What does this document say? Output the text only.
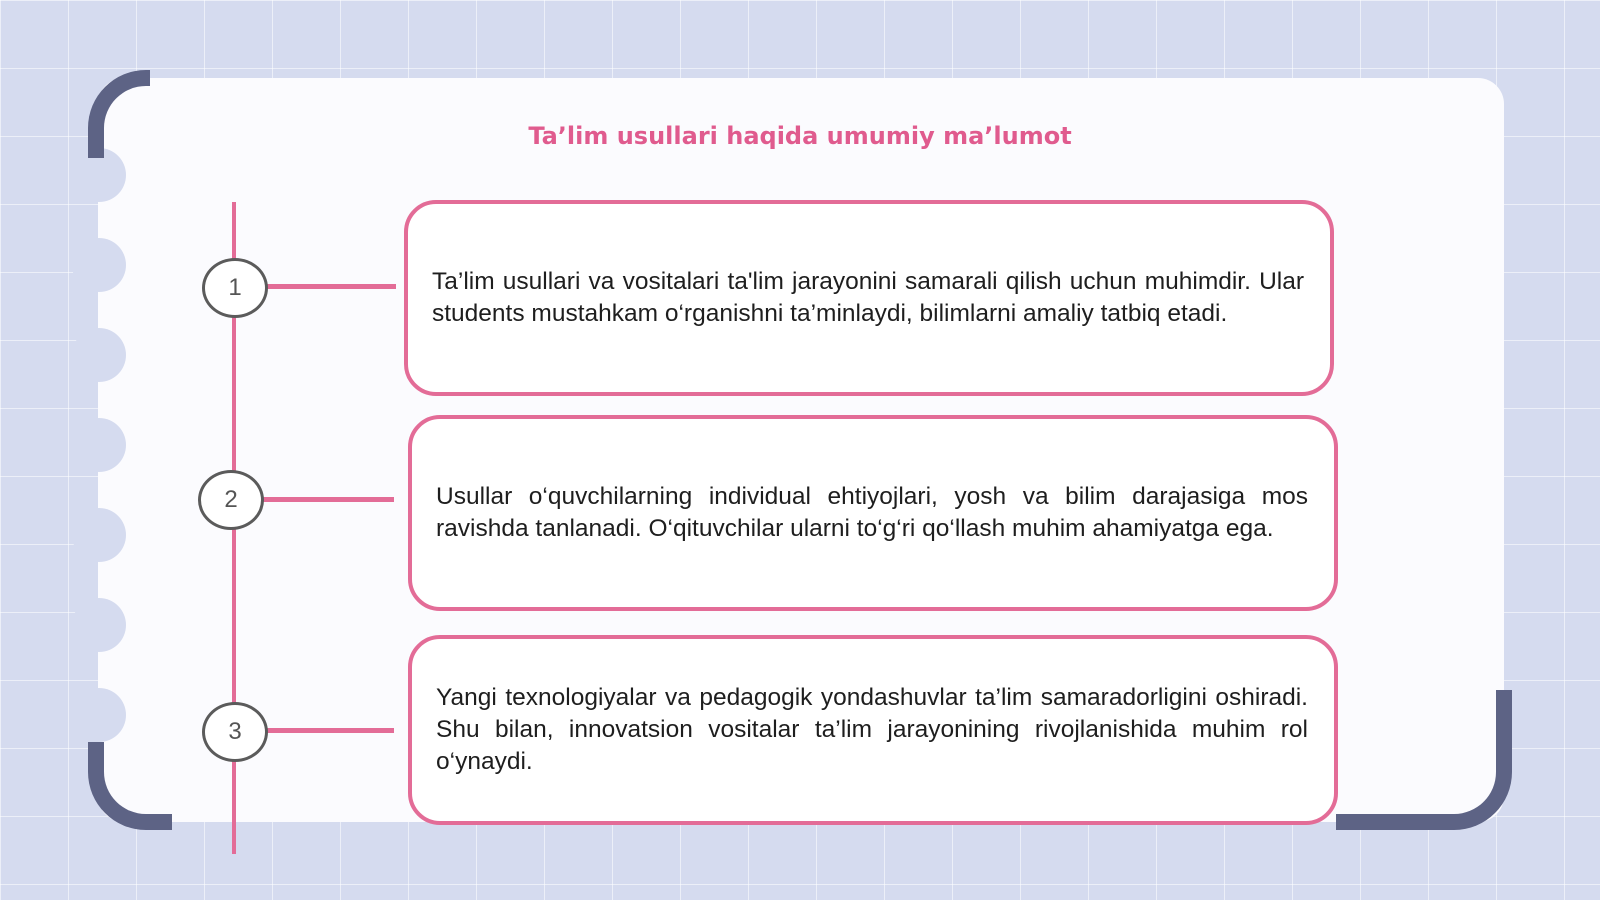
Ta’lim usullari haqida umumiy ma’lumot
1
2
3

Ta’lim usullari va vositalari ta'lim jarayonini samarali qilish uchun muhimdir. Ular students mustahkam o‘rganishni ta’minlaydi, bilimlarni amaliy tatbiq etadi.

Usullar o‘quvchilarning individual ehtiyojlari, yosh va bilim darajasiga mos ravishda tanlanadi. O‘qituvchilar ularni to‘g‘ri qo‘llash muhim ahamiyatga ega.

Yangi texnologiyalar va pedagogik yondashuvlar ta’lim samaradorligini oshiradi. Shu bilan, innovatsion vositalar ta’lim jarayonining rivojlanishida muhim rol o‘ynaydi.
